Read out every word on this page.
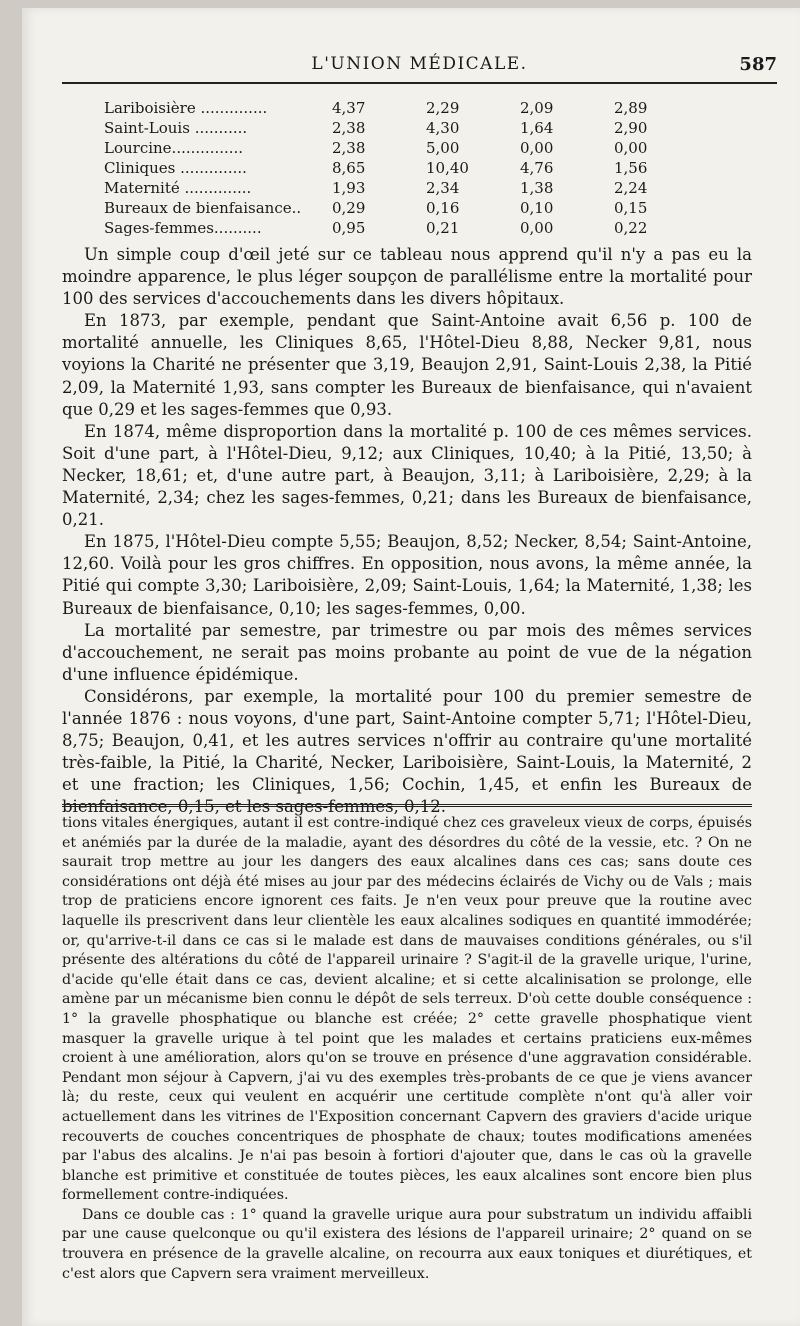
L'UNION MÉDICALE.	587
Lariboisière ..............	4,37	2,29	2,09	2,89
Saint-Louis ...........	2,38	4,30	1,64	2,90
Lourcine...............	2,38	5,00	0,00	0,00
Cliniques ..............	8,65	10,40	4,76	1,56
Maternité ..............	1,93	2,34	1,38	2,24
Bureaux de bienfaisance..	0,29	0,16	0,10	0,15
Sages-femmes..........	0,95	0,21	0,00	0,22

Un simple coup d'œil jeté sur ce tableau nous apprend qu'il n'y a pas eu la moindre apparence, le plus léger soupçon de parallélisme entre la mortalité pour 100 des services d'accouchements dans les divers hôpitaux.

En 1873, par exemple, pendant que Saint-Antoine avait 6,56 p. 100 de mortalité annuelle, les Cliniques 8,65, l'Hôtel-Dieu 8,88, Necker 9,81, nous voyions la Charité ne présenter que 3,19, Beaujon 2,91, Saint-Louis 2,38, la Pitié 2,09, la Maternité 1,93, sans compter les Bureaux de bienfaisance, qui n'avaient que 0,29 et les sages-femmes que 0,93.

En 1874, même disproportion dans la mortalité p. 100 de ces mêmes services. Soit d'une part, à l'Hôtel-Dieu, 9,12; aux Cliniques, 10,40; à la Pitié, 13,50; à Necker, 18,61; et, d'une autre part, à Beaujon, 3,11; à Lariboisière, 2,29; à la Maternité, 2,34; chez les sages-femmes, 0,21; dans les Bureaux de bienfaisance, 0,21.

En 1875, l'Hôtel-Dieu compte 5,55; Beaujon, 8,52; Necker, 8,54; Saint-Antoine, 12,60. Voilà pour les gros chiffres. En opposition, nous avons, la même année, la Pitié qui compte 3,30; Lariboisière, 2,09; Saint-Louis, 1,64; la Maternité, 1,38; les Bureaux de bienfaisance, 0,10; les sages-femmes, 0,00.

La mortalité par semestre, par trimestre ou par mois des mêmes services d'accouchement, ne serait pas moins probante au point de vue de la négation d'une influence épidémique.

Considérons, par exemple, la mortalité pour 100 du premier semestre de l'année 1876 : nous voyons, d'une part, Saint-Antoine compter 5,71; l'Hôtel-Dieu, 8,75; Beaujon, 0,41, et les autres services n'offrir au contraire qu'une mortalité très-faible, la Pitié, la Charité, Necker, Lariboisière, Saint-Louis, la Maternité, 2 et une fraction; les Cliniques, 1,56; Cochin, 1,45, et enfin les Bureaux de bienfaisance, 0,15, et les sages-femmes, 0,12.

tions vitales énergiques, autant il est contre-indiqué chez ces graveleux vieux de corps, épuisés et anémiés par la durée de la maladie, ayant des désordres du côté de la vessie, etc. ? On ne saurait trop mettre au jour les dangers des eaux alcalines dans ces cas; sans doute ces considérations ont déjà été mises au jour par des médecins éclairés de Vichy ou de Vals ; mais trop de praticiens encore ignorent ces faits. Je n'en veux pour preuve que la routine avec laquelle ils prescrivent dans leur clientèle les eaux alcalines sodiques en quantité immodérée; or, qu'arrive-t-il dans ce cas si le malade est dans de mauvaises conditions générales, ou s'il présente des altérations du côté de l'appareil urinaire ? S'agit-il de la gravelle urique, l'urine, d'acide qu'elle était dans ce cas, devient alcaline; et si cette alcalinisation se prolonge, elle amène par un mécanisme bien connu le dépôt de sels terreux. D'où cette double conséquence : 1° la gravelle phosphatique ou blanche est créée; 2° cette gravelle phosphatique vient masquer la gravelle urique à tel point que les malades et certains praticiens eux-mêmes croient à une amélioration, alors qu'on se trouve en présence d'une aggravation considérable. Pendant mon séjour à Capvern, j'ai vu des exemples très-probants de ce que je viens avancer là; du reste, ceux qui veulent en acquérir une certitude complète n'ont qu'à aller voir actuellement dans les vitrines de l'Exposition concernant Capvern des graviers d'acide urique recouverts de couches concentriques de phosphate de chaux; toutes modifications amenées par l'abus des alcalins. Je n'ai pas besoin à fortiori d'ajouter que, dans le cas où la gravelle blanche est primitive et constituée de toutes pièces, les eaux alcalines sont encore bien plus formellement contre-indiquées.

Dans ce double cas : 1° quand la gravelle urique aura pour substratum un individu affaibli par une cause quelconque ou qu'il existera des lésions de l'appareil urinaire; 2° quand on se trouvera en présence de la gravelle alcaline, on recourra aux eaux toniques et diurétiques, et c'est alors que Capvern sera vraiment merveilleux.
